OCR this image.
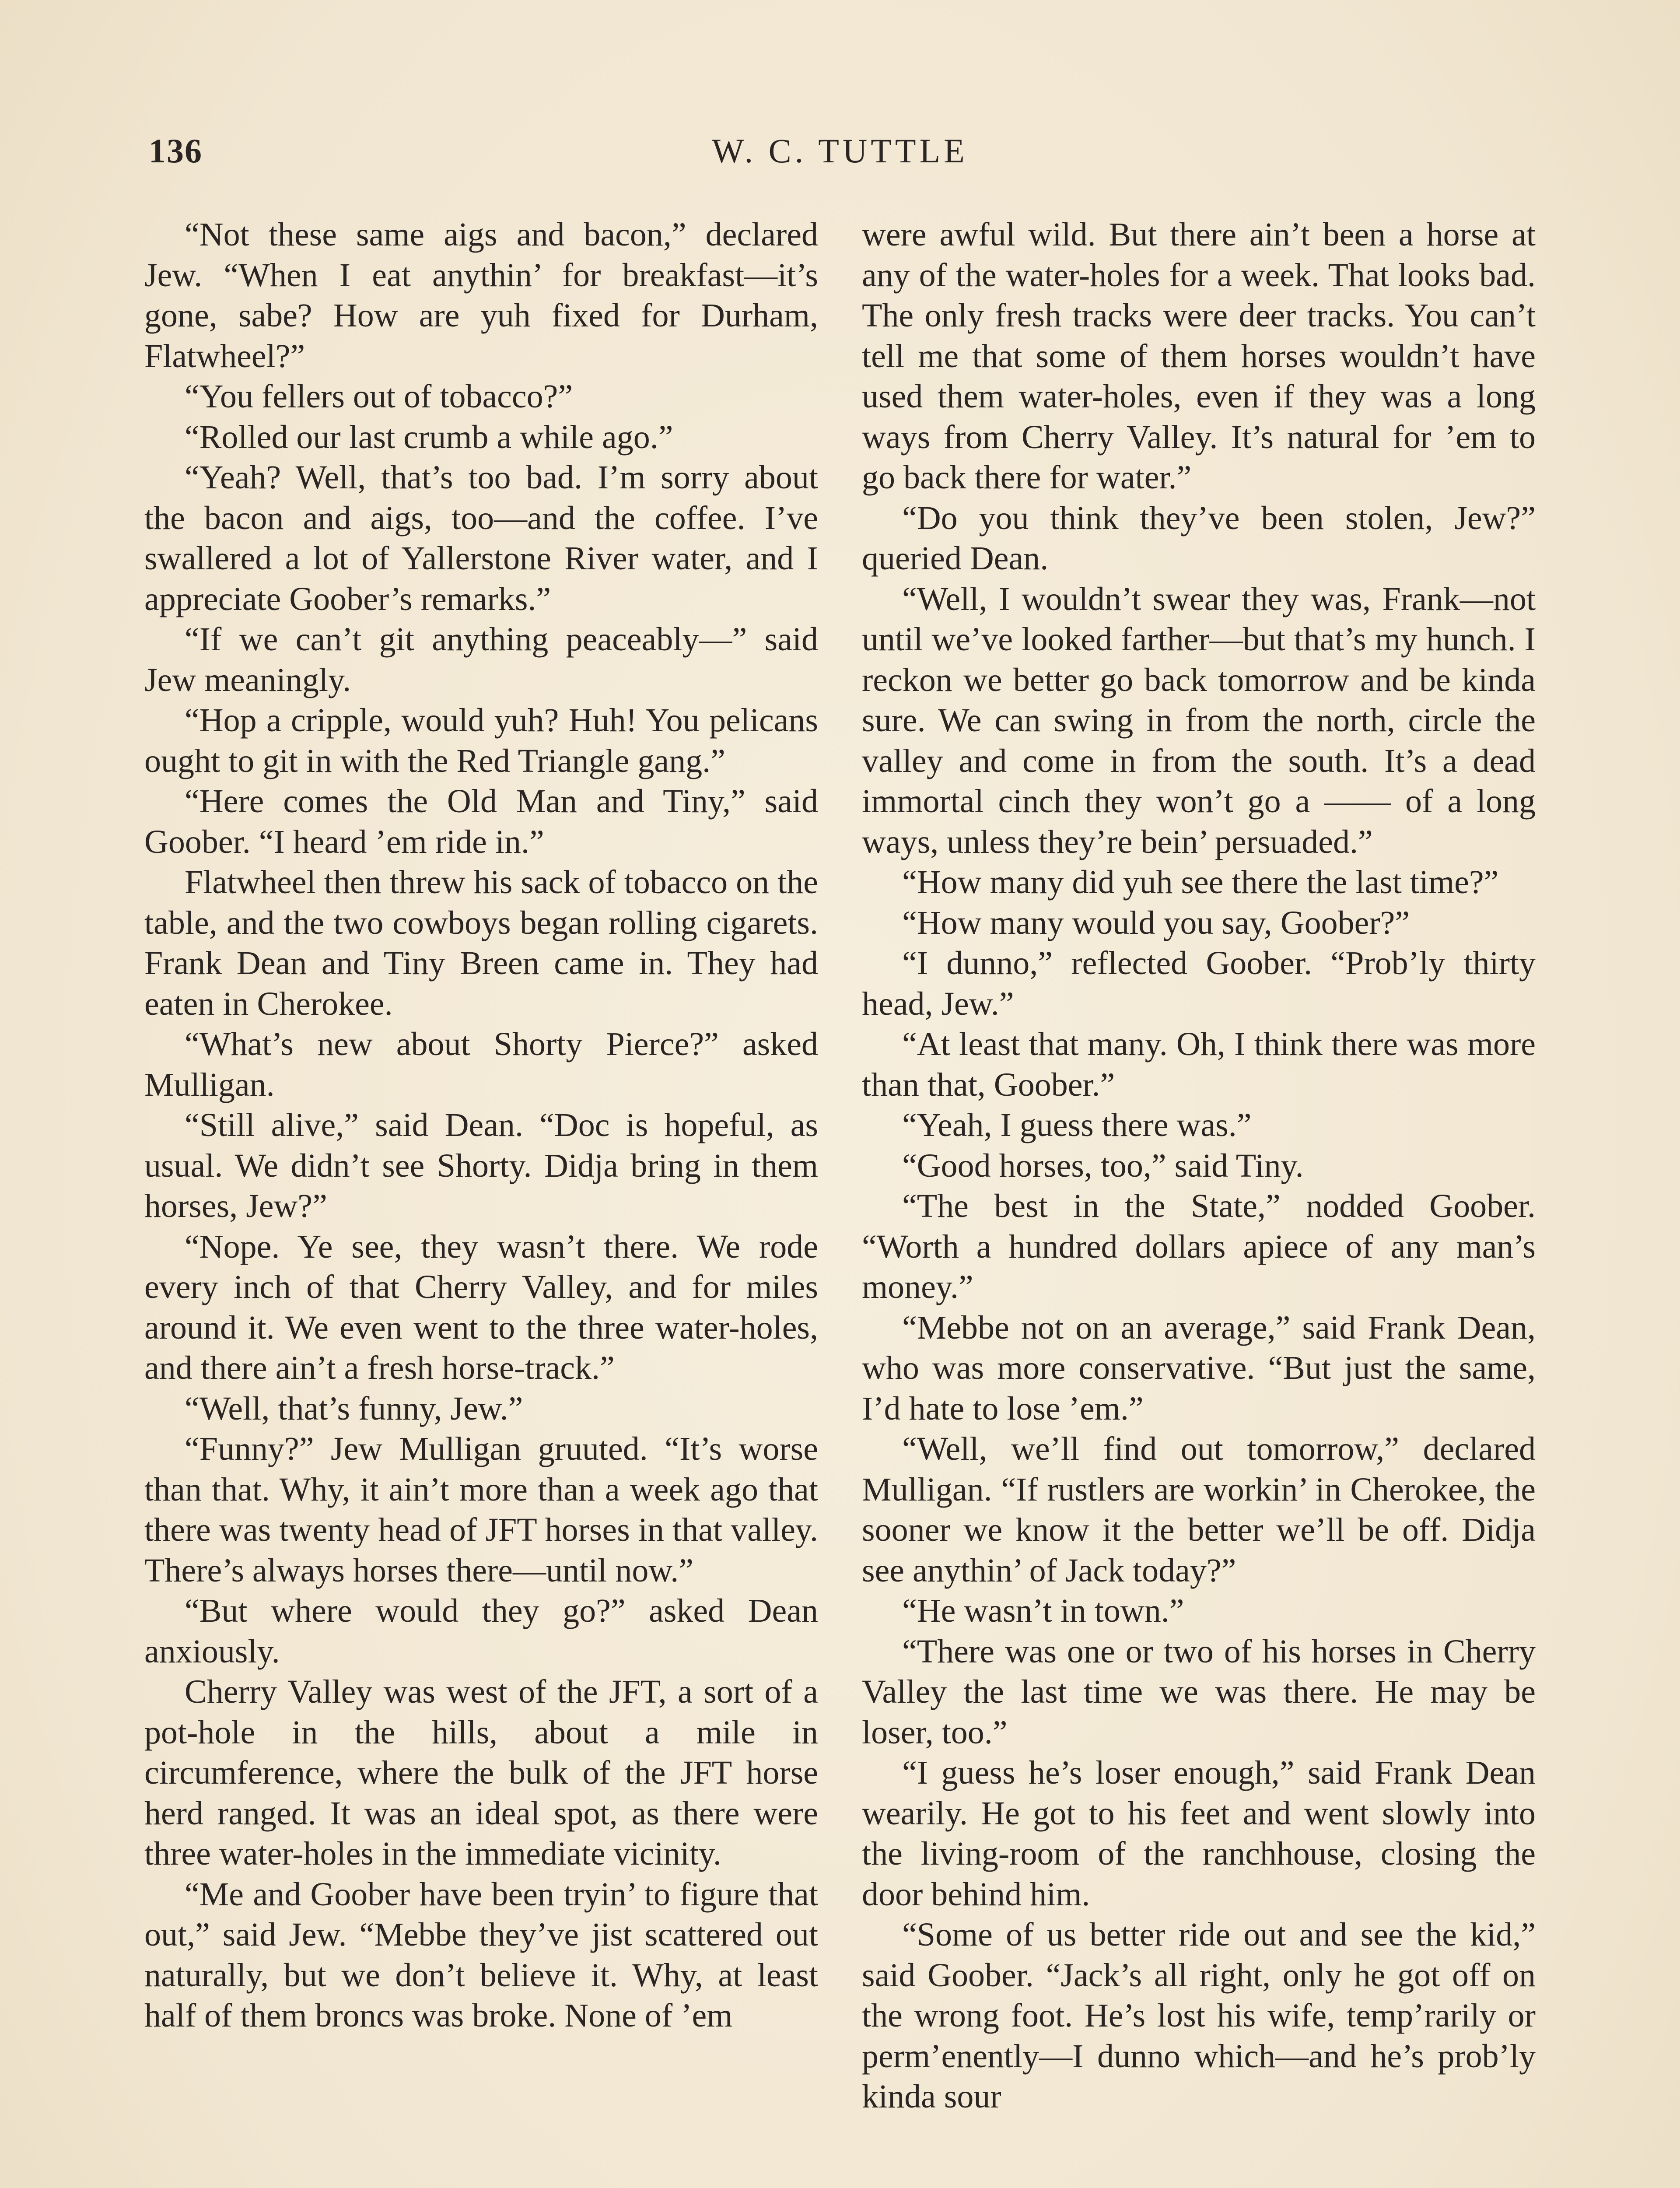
136	W. C. TUTTLE

“Not these same aigs and bacon,” declared Jew. “When I eat anythin’ for breakfast—it’s gone, sabe? How are yuh fixed for Durham, Flatwheel?”

“You fellers out of tobacco?”

“Rolled our last crumb a while ago.”

“Yeah? Well, that’s too bad. I’m sorry about the bacon and aigs, too—and the coffee. I’ve swallered a lot of Yallerstone River water, and I appreciate Goober’s remarks.”

“If we can’t git anything peaceably—” said Jew meaningly.

“Hop a cripple, would yuh? Huh! You pelicans ought to git in with the Red Triangle gang.”

“Here comes the Old Man and Tiny,” said Goober. “I heard ’em ride in.”

Flatwheel then threw his sack of tobacco on the table, and the two cowboys began rolling cigarets. Frank Dean and Tiny Breen came in. They had eaten in Cherokee.

“What’s new about Shorty Pierce?” asked Mulligan.

“Still alive,” said Dean. “Doc is hopeful, as usual. We didn’t see Shorty. Didja bring in them horses, Jew?”

“Nope. Ye see, they wasn’t there. We rode every inch of that Cherry Valley, and for miles around it. We even went to the three water-holes, and there ain’t a fresh horse-track.”

“Well, that’s funny, Jew.”

“Funny?” Jew Mulligan gruuted. “It’s worse than that. Why, it ain’t more than a week ago that there was twenty head of JFT horses in that valley. There’s always horses there—until now.”

“But where would they go?” asked Dean anxiously.

Cherry Valley was west of the JFT, a sort of a pot-hole in the hills, about a mile in circumference, where the bulk of the JFT horse herd ranged. It was an ideal spot, as there were three water-holes in the immediate vicinity.

“Me and Goober have been tryin’ to figure that out,” said Jew. “Mebbe they’ve jist scattered out naturally, but we don’t believe it. Why, at least half of them broncs was broke. None of ’em

were awful wild. But there ain’t been a horse at any of the water-holes for a week. That looks bad. The only fresh tracks were deer tracks. You can’t tell me that some of them horses wouldn’t have used them water-holes, even if they was a long ways from Cherry Valley. It’s natural for ’em to go back there for water.”

“Do you think they’ve been stolen, Jew?” queried Dean.

“Well, I wouldn’t swear they was, Frank—not until we’ve looked farther—but that’s my hunch. I reckon we better go back tomorrow and be kinda sure. We can swing in from the north, circle the valley and come in from the south. It’s a dead immortal cinch they won’t go a —— of a long ways, unless they’re bein’ persuaded.”

“How many did yuh see there the last time?”

“How many would you say, Goober?”

“I dunno,” reflected Goober. “Prob’ly thirty head, Jew.”

“At least that many. Oh, I think there was more than that, Goober.”

“Yeah, I guess there was.”

“Good horses, too,” said Tiny.

“The best in the State,” nodded Goober. “Worth a hundred dollars apiece of any man’s money.”

“Mebbe not on an average,” said Frank Dean, who was more conservative. “But just the same, I’d hate to lose ’em.”

“Well, we’ll find out tomorrow,” declared Mulligan. “If rustlers are workin’ in Cherokee, the sooner we know it the better we’ll be off. Didja see anythin’ of Jack today?”

“He wasn’t in town.”

“There was one or two of his horses in Cherry Valley the last time we was there. He may be loser, too.”

“I guess he’s loser enough,” said Frank Dean wearily. He got to his feet and went slowly into the living-room of the ranchhouse, closing the door behind him.

“Some of us better ride out and see the kid,” said Goober. “Jack’s all right, only he got off on the wrong foot. He’s lost his wife, temp’rarily or perm’enently—I dunno which—and he’s prob’ly kinda sour
